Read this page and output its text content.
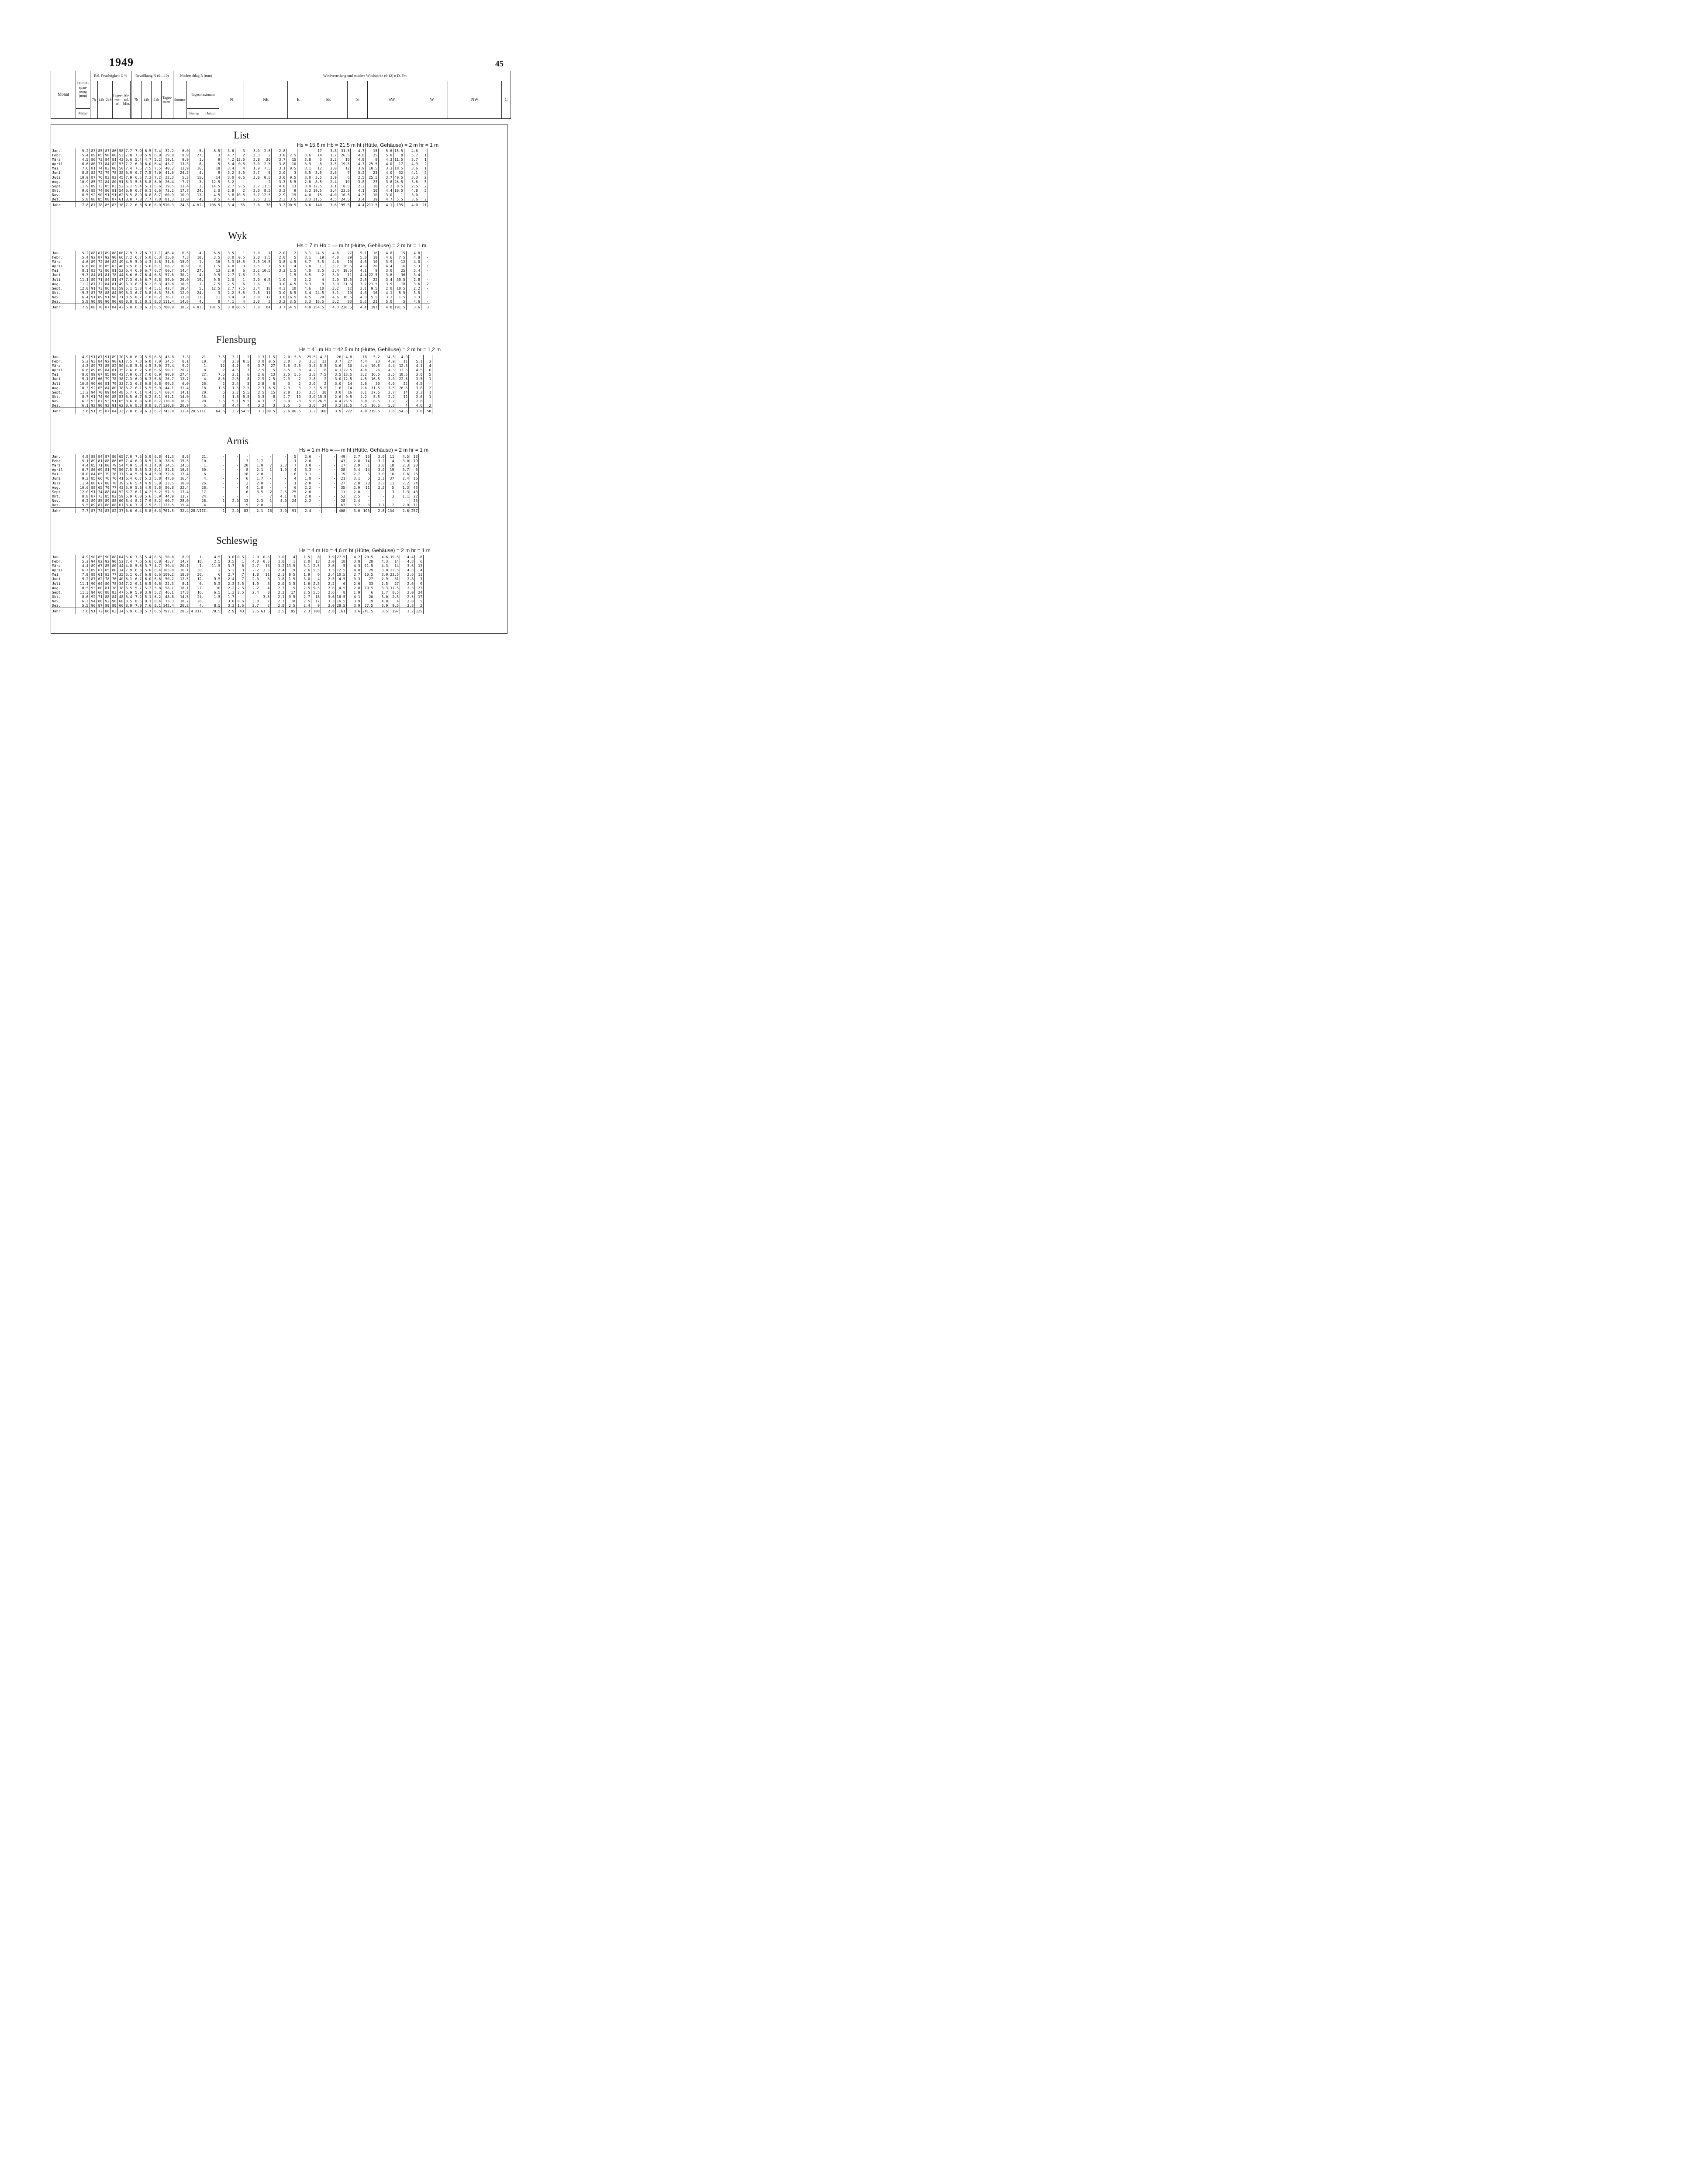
1949	45
Monat	Dampf- span- nung (mm)	Rel. Feuchtigkeit U %						Bewölkung N (0—10)				Niederschlag R (mm)			Windverteilung und mittlere Windstärke (0-12) n D, Fm								
		7h	14h	21h	Tages- mit- tel	Ab- sol. Min.		7h	14h	21h	Tages- mittel	Summe	Tagesmaximum		N	NE	E	SE	S	SW	W	NW	C
	Mittel												Betrag	Datum									
List
Hs = 15,6 m Hb = 21,5 m ht (Hütte, Gehäuse) = 2 m hr = 1 m
Jan.	5.2	87	85	87	86	58	7.7	7.9	6.5	7.4	32.2	6.0	5.	8.5	3.6	3	3.0	2.5	2.8	·	·	17	3.8	31.5	4.7	15	5.6	15.5	4.6	·
Febr.	5.4	89	85	90	88	53	7.8	7.0	5.9	6.9	29.9	9.9	27.	3	4.7	2	3.3	2	3.0	2.5	3.6	14	3.7	26.5	4.8	25	5.0	8	5.7	1
März	4.5	86	73	84	81	42	5.6	5.4	4.7	5.2	19.1	9.9	1.	9	4.2	12.5	2.8	20	3.7	15	3.8	5	3.2	10	4.9	9	4.3	11.5	3.7	1
April	6.6	86	77	84	82	53	7.2	6.0	6.0	6.4	43.7	13.3	8.	5	5.4	0.5	3.0	2.5	3.8	10	3.9	8	3.5	19.5	4.7	25.5	4.0	17	4.9	2
Mai	7.6	81	74	83	80	50	7.4	7.5	7.5	7.5	40.2	13.9	16.	18	3.4	4	1.9	7.5	3.1	9.5	3.1	12	3.0	12	3.9	10.5	3.3	18.5	3.6	1
Juni	8.8	83	72	79	78	38	6.9	6.7	7.5	7.0	41.6	24.3	4.	9	3.2	5.5	2.7	5	2.0	3	3.5	3.5	2.6	7	5.2	23	4.0	32	4.1	2
Juli	10.9	87	76	83	82	45	7.9	6.5	7.3	7.2	22.3	5.3	15.	14	3.0	0.5	3.0	0.5	3.0	0.5	3.0	3.5	2.9	6	2.5	25.5	3.7	40.5	3.3	2
Aug.	10.9	85	72	84	80	51	6.3	5.5	5.8	6.0	26.4	7.7	3.	12.5	3.2	·	·	2	3.3	5.5	2.8	8.5	2.4	10	3.8	23	3.8	26.5	3.6	5
Sept.	11.9	89	73	85	83	52	6.1	5.4	5.1	5.6	39.5	13.4	3.	14.5	2.7	9.5	2.7	11.5	4.0	13	3.9	12.5	3.1	8.5	2.2	10	2.2	8.5	2.5	2
Okt.	9.0	85	74	86	81	54	6.9	6.7	6.1	6.6	73.2	17.7	24.	2.0	2.8	2	3.0	8.5	3.2	9	3.2	19.5	3.4	23.5	4.1	16	4.4	10.5	4.8	2
Nov.	6.5	92	90	91	91	62	8.5	8.9	8.8	8.7	60.9	10.9	13.	4.5	3.8	10.5	3.7	12.5	2.9	19	4.0	15	4.0	16.5	4.3	10	3.0	1	3.0	·
Dez.	5.8	88	85	88	87	61	8.0	7.8	7.7	7.8	81.3	13.0	4.	8.5	4.4	5	2.5	3.5	2.3	3.5	3.3	21.5	4.5	24.5	3.4	19	4.7	5.5	3.6	2
Jahr	7.8	87	78	85	83	38	7.2	6.8	6.6	6.9	510.3	24.3	4.VI.	108.5	3.4	55	2.8	78	3.3	90.5	3.6	140	3.6	195.5	4.4	211.5	4.1	195	4.0	21
Wyk
Hs = 7 m Hb = — m ht (Hütte, Gehäuse) = 2 m hr = 1 m
Jan.	5.2	88	87	89	88	66	7.9	7.2	6.3	7.1	46.4	6.5	4.	6.5	3.5	1	3.0	1	2.0	2	3.1	24.5	4.8	27	5.1	16	4.8	15	4.8	·
Febr.	5.4	92	87	92	90	66	7.2	6.7	5.0	6.3	25.0	7.3	10.	3.5	3.0	0.5	2.0	1.5	2.0	5	3.1	19	4.0	29	5.0	18	4.6	7.5	4.8	·
März	4.6	89	72	86	82	49	4.9	5.0	4.3	4.8	31.6	15.9	1.	16	3.3	15.5	3.3	19.5	3.8	4.5	3.7	5.5	4.6	10	4.6	10	3.9	12	4.0	·
April	6.8	88	78	85	83	48	6.5	6.1	5.6	6.1	68.2	16.9	8.	1.5	4.0	3	3.5	7	5.0	4	5.0	11	3.7	26.5	4.9	20	4.4	16	5.3	1
Mai	8.1	83	73	86	81	52	6.4	6.9	6.7	6.7	60.7	14.4	27.	13	2.9	6	2.2	10.5	3.3	1.5	4.0	8.5	3.4	19.5	4.1	9	3.0	25	3.4	·
Juni	9.3	84	81	81	78	44	6.6	6.7	6.4	6.5	57.8	30.2	4.	9.5	2.7	7.5	2.3	·	·	1.5	3.5	2	3.0	11	4.4	22.5	3.6	36	3.4	·
Juli	11.1	89	71	84	81	47	7.3	6.5	6.7	6.8	59.0	26.0	19.	9.5	2.0	1	2.0	0.5	1.0	3	2.2	4	2.0	13.5	2.8	22	3.4	39.5	2.8	·
Aug.	11.2	87	72	84	81	49	6.3	6.5	6.2	6.3	43.8	10.5	1.	7.5	2.5	6	2.6	3	3.0	4.5	3.3	9	3.9	21.5	3.7	21.5	3.9	18	3.6	2
Sept.	12.0	91	73	86	83	59	5.1	5.8	4.4	5.1	42.4	19.4	5.	12.5	2.7	7.5	3.4	18	4.3	10	4.6	10	3.2	12	3.1	9.5	2.0	10.5	2.2	·
Okt.	9.3	87	78	88	84	59	6.3	6.7	5.8	6.3	78.5	12.9	24.	3	2.2	5.5	2.8	11	3.0	8.5	3.4	24.5	5.1	19	4.6	16	4.1	5.5	3.5	·
Nov.	6.4	91	89	91	90	71	8.5	8.7	7.8	8.2	76.1	13.8	11.	11	3.4	9	3.0	12	3.8	16.5	4.5	20	4.6	16.5	4.0	5.5	3.1	1.5	3.3	·
Dez.	5.8	90	89	90	90	68	8.8	8.2	8.1	8.3	111.4	14.6	4.	8	4.1	4	3.0	2	3.2	3.5	3.3	16.5	5.2	33	5.2	21	5.0	5	4.6	·
Jahr	7.9	88	78	87	84	42	6.8	6.8	6.1	6.5	700.9	30.2	4.VI.	101.5	3.0	66.5	3.0	84	3.7	64.5	4.0	154.5	4.3	238.5	4.4	191	4.0	191.5	3.6	3
Flensburg
Hs = 41 m Hb = 42,5 m ht (Hütte, Gehäuse) = 2 m hr = 1,2 m
Jan.	4.9	91	87	91	89	70	6.8	6.9	5.9	6.5	43.8	7.3	21.	3.5	3.1	2	1.3	1.5	2.0	5.8	25.5	4.2	26	4.8	18	5.2	14.5	4.9	·	·
Febr.	5.2	93	84	92	90	61	7.5	7.3	6.0	7.0	34.5	8.1	10.	3	2.8	0.5	3.0	0.5	3.0	3	3.3	13	3.7	27	4.4	23	4.9	11	5.1	3
März	4.3	89	73	85	82	50	4.8	5.8	4.5	5.0	27.4	9.2	1.	12	4.2	9	3.7	27	3.6	2.5	3.4	5.5	3.6	10	4.4	10.5	4.4	12.5	4.1	4
April	6.6	89	69	84	81	35	7.6	6.2	5.8	6.6	90.1	20.7	8.	2	4.5	3	2.5	5	3.5	8	4.2	8	4.1	22.5	4.8	26	4.3	12.5	4.5	6
Mai	8.0	89	67	85	80	42	7.0	6.7	7.0	6.9	90.0	27.4	27.	7.5	2.1	6	2.6	13	2.5	5.5	2.8	7.5	3.5	13.5	3.2	16.5	3.5	18.5	3.0	5
Juni	9.1	87	66	79	78	38	7.3	6.9	6.3	6.8	26.7	12.7	4.	8.5	2.5	8	2.9	2.5	2.3	2	2.8	2	3.0	12.5	4.5	16.5	3.0	22.5	3.5	1
Juli	10.8	90	66	81	79	33	7.3	6.3	6.8	6.8	99.3	6.0	26.	2	2.4	5	2.8	6	3	2	2.0	2	3.0	14	2.6	30	4.0	22	4.5	·
Aug.	10.3	92	65	84	80	38	6.2	6.1	5.5	5.9	44.1	31.4	18.	1.5	1.3	2.5	2.3	6.5	2.3	3	2.3	5.5	1.6	14	2.6	31.5	3.5	26.5	3.6	2
Sept.	11.2	94	70	89	84	48	5.7	6.1	4.4	5.4	60.4	14.1	20.	6	2.2	5.5	2.5	15	2.8	15	2.5	10	3.0	16	3.1	27.5	3.7	14	3.3	1
Okt.	8.7	91	74	90	85	53	6.5	6.7	5.2	6.1	61.1	14.0	15.	1	1.5	5.5	3.3	8	2.7	19	3.0	15.5	2.6	9.5	2.2	5.5	2.2	11	2.6	1
Nov.	6.3	93	87	93	91	65	8.6	8.8	6.8	8.7	130.8	18.3	28.	3.5	5.1	9.5	4.3	7	3.9	23	5.6	26.5	4.4	25.5	3.8	8.5	3.7	2	2.8	·
Dez.	6.1	92	90	92	91	62	8.6	8.3	8.8	8.7	130.8	20.9	5.	8	4.4	4	3.2	3	2.5	5	3.0	24	3.2	31.5	4.5	16.5	5.3	4	4.6	2
Jahr	7.6	91	75	87	84	33	7.0	6.9	6.1	6.7	745.0	31.4	28.VIII.	64.5	3.2	54.5	3.1	89.5	2.6	80.5	3.2	160	3.9	222	4.0	219.5	3.6	154.5	3.8	50
Arnis
Hs = 1 m Hb = — m ht (Hütte, Gehäuse) = 2 m hr = 1 m
Jan.	4.8	88	84	87	86	65	7.0	7.5	5.9	6.8	41.3	8.8	21.	·	·	·	·	·	·	5	2.6	·	·	49	2.7	15	3.0	11	4.5	13
Febr.	5.1	89	81	88	86	65	7.4	6.9	6.5	7.0	38.6	15.5	10.	·	·	3	1.7	·	·	1	2.0	·	·	43	2.8	14	3.2	4	3.0	19
März	4.4	85	71	80	79	54	4.9	5.3	4.1	4.8	34.5	14.5	1.	·	·	20	1.9	7	2.3	7	3.0	·	·	17	2.9	1	3.0	18	2.3	23
April	6.7	86	69	81	79	56	7.5	5.6	5.3	6.1	82.8	16.5	30.	·	·	8	2.1	1	1.0	4	3.3	·	·	38	3.4	14	3.0	19	3.7	6
Mai	8.0	84	65	79	76	37	5.4	5.8	6.4	5.9	72.6	17.4	6.	·	·	16	2.0	·	·	6	3.1	·	·	19	2.7	5	3.0	16	1.6	25
Juni	9.3	85	66	76	76	41	6.4	6.7	5.3	5.8	47.0	16.4	4.	·	·	6	1.7	·	·	4	1.8	·	·	21	3.1	6	2.3	37	2.4	16
Juli	11.4	88	67	80	78	39	6.6	5.4	4.9	5.8	23.5	10.0	26.	·	·	2	2.0	·	·	1	2.0	·	·	27	2.8	28	2.3	11	2.2	24
Aug.	10.6	88	65	79	77	43	5.9	5.8	4.9	5.8	86.8	32.4	28.	·	·	4	1.8	·	·	6	2.2	·	·	35	2.9	11	2.2	5	1.3	43
Sept.	12.0	91	74	88	84	52	5.7	6.1	4.2	5.2	57.3	17.4	17.	·	·	6	3.5	2	2.5	25	2.0	·	·	11	2.0	·	·	3	1.3	43
Okt.	8.8	87	73	85	82	59	5.9	6.0	5.6	5.9	44.9	13.7	24.	·	·	·	·	7	4.1	8	2.0	·	·	53	2.5	·	·	3	1.1	22
Nov.	6.2	89	85	89	88	60	8.4	8.2	7.9	8.2	60.7	28.0	28.	1	2.0	13	2.3	1	4.0	24	2.2	·	·	28	2.4	·	·	·	·	23
Dez.	5.5	89	87	88	88	67	8.6	7.9	7.9	8.1	123.5	15.4	4.	·	·	5	2.0	·	·	·	·	·	·	67	3.2	3	3.7	7	2.9	11
Jahr	7.7	87	74	83	82	37	6.6	6.4	5.8	6.3	761.5	32.4	28.VIII.	1	2.0	83	2.1	18	3.0	91	2.4	·	·	408	3.0	103	2.8	134	2.6	257
Schleswig
Hs = 4 m Hb = 4,6 m ht (Hütte, Gehäuse) = 2 m hr = 1 m
Jan.	4.9	90	85	90	88	64	6.6	7.6	5.4	6.5	50.8	8.9	1.	4.5	3.0	0.5	2.0	0.5	1.0	4	1.5	8	3.9	27.5	4.2	20.5	4.6	19.5	4.4	8
Febr.	5.2	94	82	92	90	52	7.4	7.6	5.6	6.8	45.7	14.7	10.	2.5	3.5	1	4.0	0.5	1.0	1	2.0	13	2.0	18	3.8	28	4.3	14	4.8	6
März	4.4	89	67	85	80	44	4.8	5.6	3.7	4.7	39.4	20.1	1.	11.5	3.7	6	2.7	16	3.2	13.5	3.1	2.5	2.6	5	4.3	11.5	4.3	14	3.6	13
April	6.7	89	67	85	80	34	7.9	6.3	5.0	6.4	105.8	16.1	30.	2	5.2	3	2.2	2.5	2.4	9	2.6	5.5	3.5	12.5	4.0	29	3.0	22.5	4.3	4
Mai	7.9	88	61	83	77	35	6.1	6.7	6.9	6.6	109.2	18.9	30.	6	2.7	7	1.8	11	2.1	8.5	1.9	6	2.4	10.5	2.7	10.5	3.0	22.5	2.6	11
Juni	9.2	87	62	78	76	40	6.1	6.7	6.0	6.6	50.2	12.5	12.	9.5	2.4	7	2.3	5	1.8	1.5	3.0	4	2.5	4.5	3.3	27	2.9	31	2.8	3
Juli	11.1	90	64	80	78	34	7.2	6.1	6.5	6.6	22.3	8.1	6.	5.5	2.3	3.5	1.9	3	2.0	3.5	1.6	2.5	2.2	6	2.6	33	2.5	27	2.6	9
Aug.	10.5	93	60	81	78	38	6.5	5.7	5.2	5.8	58.1	18.1	27.	10	2.2	2.5	2.2	4	2.7	5	2.5	9.5	2.6	4.5	2.8	19.5	3.3	17.5	2.3	23
Sept.	11.3	94	66	88	83	47	5.9	5.9	3.9	5.2	46.1	17.8	16.	6.5	1.3	2.5	2.4	8	2.2	17	2.5	5.5	2.6	8	1.9	6	1.7	8.5	2.0	24
Okt.	8.6	92	71	88	84	48	6.4	7.2	5.1	6.2	48.8	14.5	24.	1.5	1.7	·	·	3.5	2.1	9.5	2.7	18	3.6	16.5	4.1	20	3.0	2.5	2.5	17
Nov.	6.2	94	86	92	90	60	8.5	8.6	8.1	8.4	73.3	18.7	28.	2	3.0	8.5	3.0	7	2.7	18	2.5	17	3.3	16.5	3.9	19	4.0	4	2.0	5
Dez.	5.5	90	87	89	89	66	8.9	7.9	7.6	8.1	142.4	20.2	4.	8.5	3.3	1.5	2.7	2	2.8	2.5	2.4	9	3.0	28.5	3.9	27.5	3.9	9.5	3.8	2
Jahr	7.6	91	72	86	83	34	6.9	6.8	5.7	6.5	792.1	20.2	4.XII.	70.5	2.9	43	2.5	61.5	2.5	95	2.3	100	2.8	161	3.6	241.5	3.5	197	3.2	125
